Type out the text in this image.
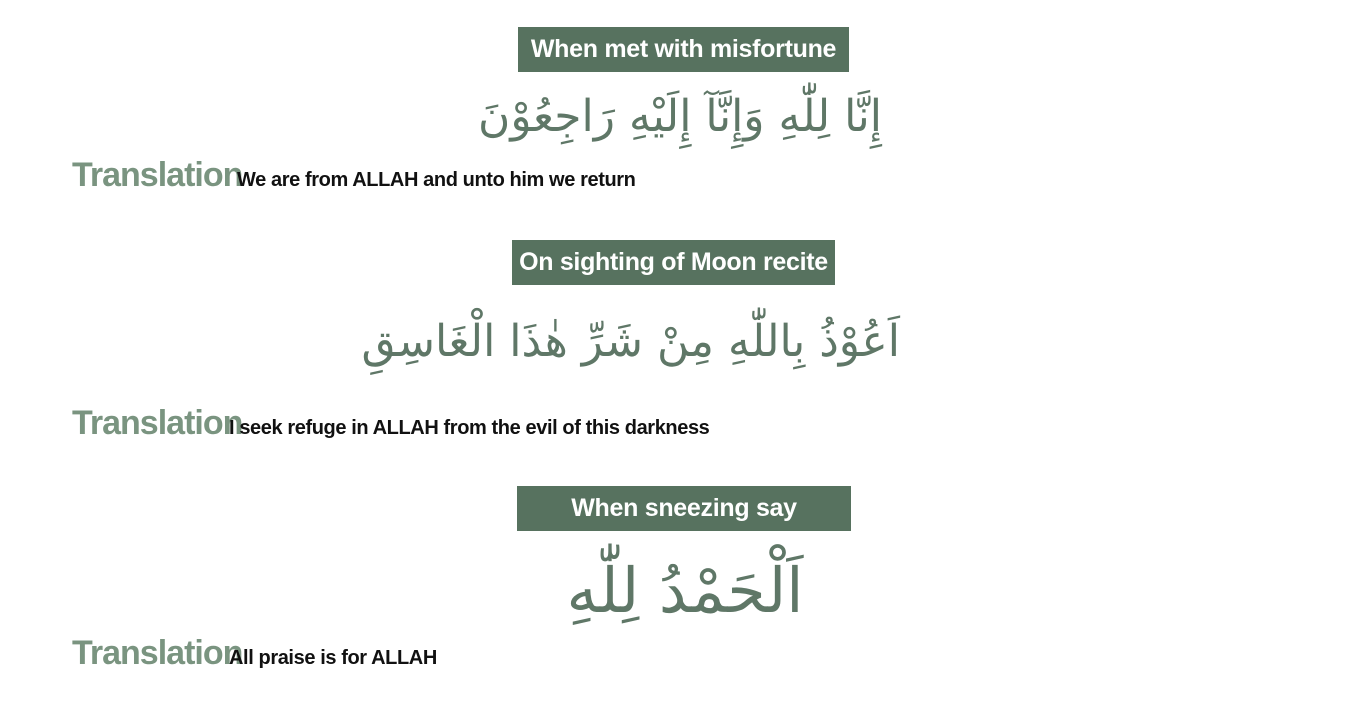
When met with misfortune
إِنَّا لِلّٰهِ وَإِنَّآ إِلَيْهِ رَاجِعُوْنَ
Translation
We are from ALLAH and unto him we return
On sighting of Moon recite
اَعُوْذُ بِاللّٰهِ مِنْ شَرِّ هٰذَا الْغَاسِقِ
Translation
I seek refuge in ALLAH from the evil of this darkness
When sneezing say
اَلْحَمْدُ لِلّٰهِ
Translation
All praise is for ALLAH
